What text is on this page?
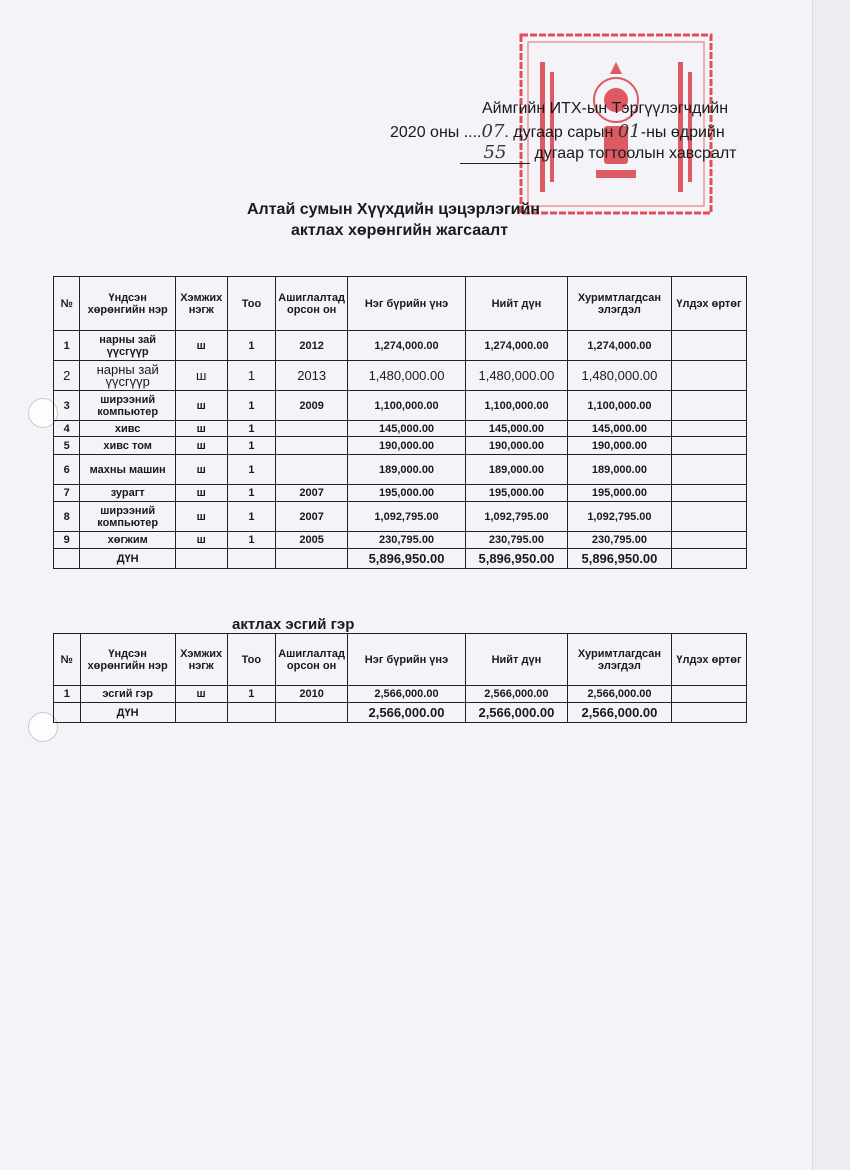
Аймгийн ИТХ-ын Тэргүүлэгчдийн
2020 оны ....07. дугаар сарын 01-ны өдрийн
55 дугаар тогтоолын хавсралт
Алтай сумын Хүүхдийн цэцэрлэгийн
актлах хөрөнгийн жагсаалт
№	Үндсэн хөрөнгийн нэр	Хэмжих нэгж	Тоо	Ашиглалтад орсон он	Нэг бүрийн үнэ	Нийт дүн	Хуримтлагдсан элэгдэл	Үлдэх өртөг
1	нарны зай үүсгүүр	ш	1	2012	1,274,000.00	1,274,000.00	1,274,000.00	
2	нарны зай үүсгүүр	ш	1	2013	1,480,000.00	1,480,000.00	1,480,000.00	
3	ширээний компьютер	ш	1	2009	1,100,000.00	1,100,000.00	1,100,000.00	
4	хивс	ш	1		145,000.00	145,000.00	145,000.00	
5	хивс том	ш	1		190,000.00	190,000.00	190,000.00	
6	махны машин	ш	1		189,000.00	189,000.00	189,000.00	
7	зурагт	ш	1	2007	195,000.00	195,000.00	195,000.00	
8	ширээний компьютер	ш	1	2007	1,092,795.00	1,092,795.00	1,092,795.00	
9	хөгжим	ш	1	2005	230,795.00	230,795.00	230,795.00	
	ДҮН				5,896,950.00	5,896,950.00	5,896,950.00	
актлах эсгий гэр
№	Үндсэн хөрөнгийн нэр	Хэмжих нэгж	Тоо	Ашиглалтад орсон он	Нэг бүрийн үнэ	Нийт дүн	Хуримтлагдсан элэгдэл	Үлдэх өртөг
1	эсгий гэр	ш	1	2010	2,566,000.00	2,566,000.00	2,566,000.00	
	ДҮН				2,566,000.00	2,566,000.00	2,566,000.00	
